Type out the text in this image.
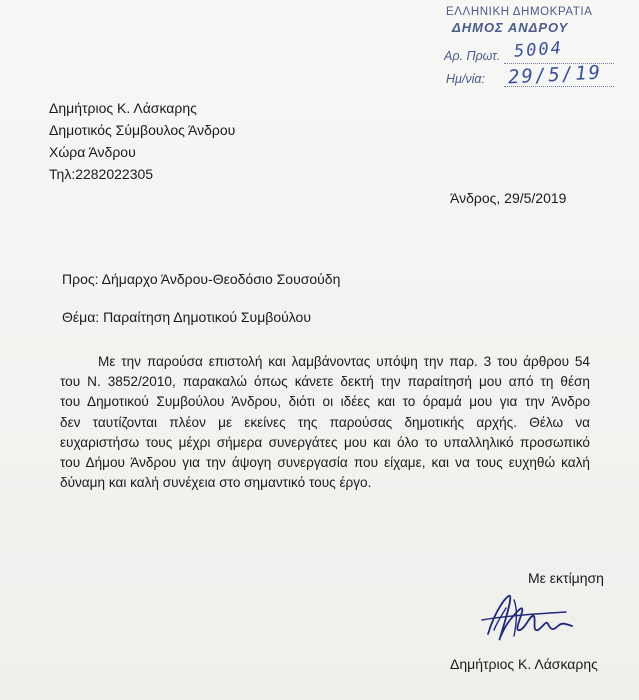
ΕΛΛΗΝΙΚΗ ΔΗΜΟΚΡΑΤΙΑ
ΔΗΜΟΣ ΑΝΔΡΟΥ
Αρ. Πρωτ. 5004
Ημ/νία: 29/5/19
Δημήτριος Κ. Λάσκαρης
Δημοτικός Σύμβουλος Άνδρου
Χώρα Άνδρου
Τηλ:2282022305
Άνδρος, 29/5/2019
Προς: Δήμαρχο Άνδρου-Θεοδόσιο Σουσούδη
Θέμα: Παραίτηση Δημοτικού Συμβούλου
Με την παρούσα επιστολή και λαμβάνοντας υπόψη την παρ. 3 του άρθρου 54
του Ν. 3852/2010, παρακαλώ όπως κάνετε δεκτή την παραίτησή μου από τη θέση
του Δημοτικού Συμβούλου Άνδρου, διότι οι ιδέες και το όραμά μου για την Άνδρο
δεν ταυτίζονται πλέον με εκείνες της παρούσας δημοτικής αρχής. Θέλω να
ευχαριστήσω τους μέχρι σήμερα συνεργάτες μου και όλο το υπαλληλικό προσωπικό
του Δήμου Άνδρου για την άψογη συνεργασία που είχαμε, και να τους ευχηθώ καλή
δύναμη και καλή συνέχεια στο σημαντικό τους έργο.
Με εκτίμηση
Δημήτριος Κ. Λάσκαρης
